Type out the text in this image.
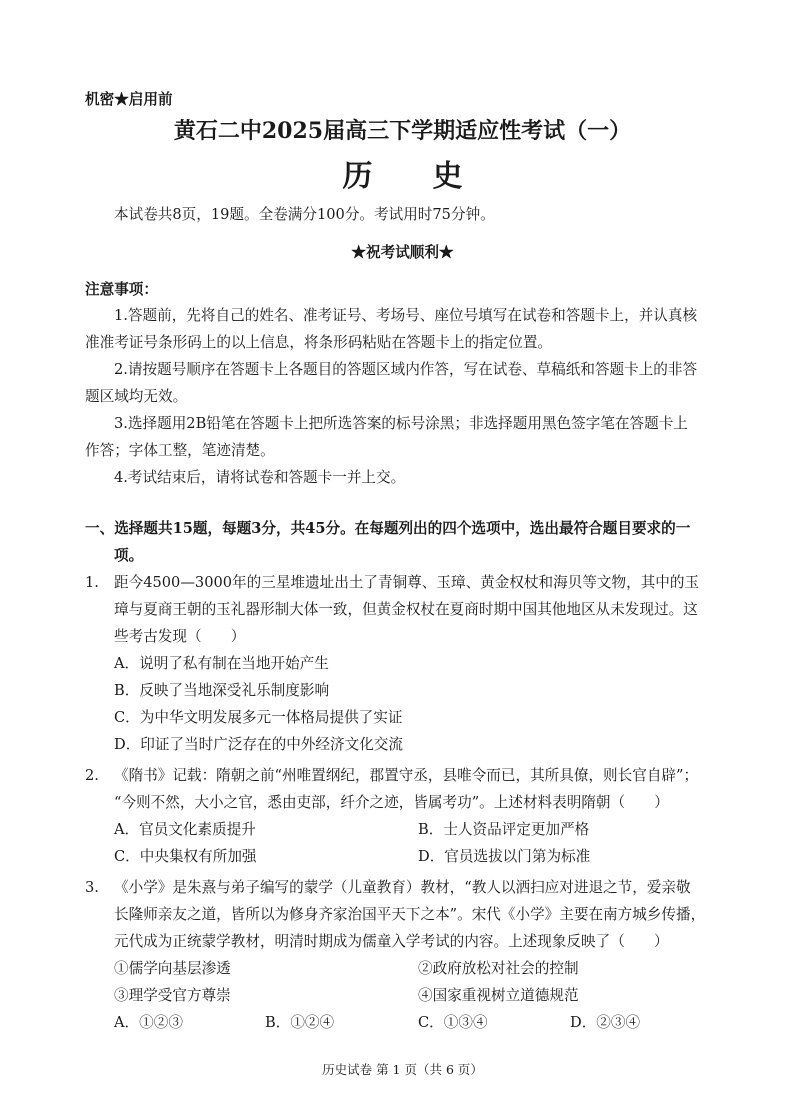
机密★启用前
黄石二中2025届高三下学期适应性考试（一）
历　　史
本试卷共8页，19题。全卷满分100分。考试用时75分钟。
★祝考试顺利★
注意事项：
1.答题前，先将自己的姓名、准考证号、考场号、座位号填写在试卷和答题卡上，并认真核
准准考证号条形码上的以上信息，将条形码粘贴在答题卡上的指定位置。
2.请按题号顺序在答题卡上各题目的答题区域内作答，写在试卷、草稿纸和答题卡上的非答
题区域均无效。
3.选择题用2B铅笔在答题卡上把所选答案的标号涂黑；非选择题用黑色签字笔在答题卡上
作答；字体工整，笔迹清楚。
4.考试结束后，请将试卷和答题卡一并上交。
一、选择题共15题，每题3分，共45分。在每题列出的四个选项中，选出最符合题目要求的一
项。
1. 距今4500—3000年的三星堆遗址出土了青铜尊、玉璋、黄金权杖和海贝等文物，其中的玉
璋与夏商王朝的玉礼器形制大体一致，但黄金权杖在夏商时期中国其他地区从未发现过。这
些考古发现（　　）
A．说明了私有制在当地开始产生
B．反映了当地深受礼乐制度影响
C．为中华文明发展多元一体格局提供了实证
D．印证了当时广泛存在的中外经济文化交流
2. 《隋书》记载：隋朝之前“州唯置纲纪，郡置守丞，县唯令而已，其所具僚，则长官自辟”；
“今则不然，大小之官，悉由吏部，纤介之迹，皆属考功”。上述材料表明隋朝（　　）
A．官员文化素质提升	B．士人资品评定更加严格
C．中央集权有所加强	D．官员选拔以门第为标准
3. 《小学》是朱熹与弟子编写的蒙学（儿童教育）教材，“教人以洒扫应对进退之节，爱亲敬
长隆师亲友之道，皆所以为修身齐家治国平天下之本”。宋代《小学》主要在南方城乡传播，
元代成为正统蒙学教材，明清时期成为儒童入学考试的内容。上述现象反映了（　　）
①儒学向基层渗透	②政府放松对社会的控制
③理学受官方尊崇	④国家重视树立道德规范
A．①②③	B．①②④	C．①③④	D．②③④
历史试卷 第 1 页（共 6 页）
